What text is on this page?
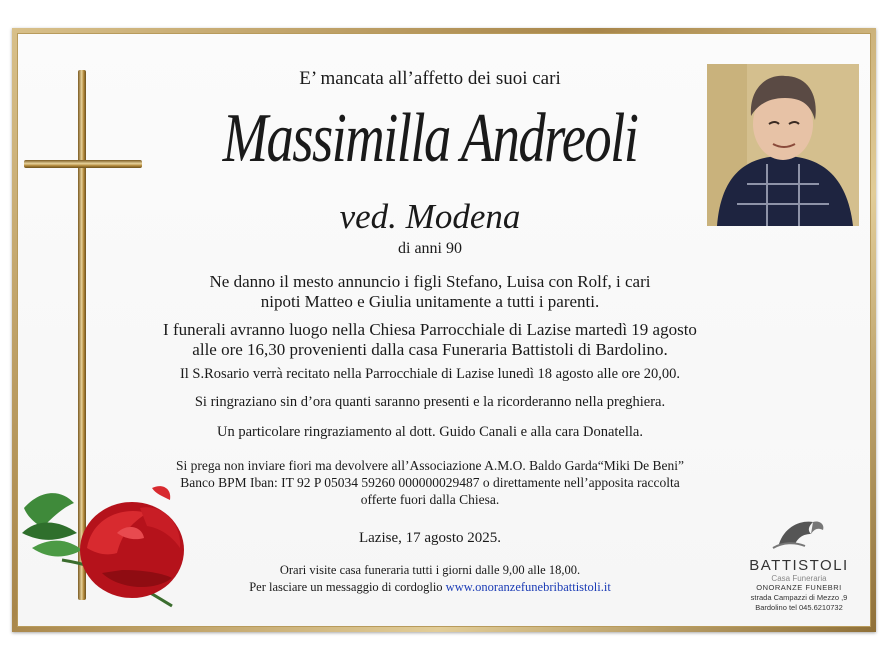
E’ mancata all’affetto dei suoi cari
Massimilla Andreoli
ved. Modena
di anni 90
Ne danno il mesto annuncio i figli Stefano, Luisa con Rolf, i cari
nipoti Matteo e Giulia unitamente a tutti i parenti.
I funerali avranno luogo nella Chiesa Parrocchiale di Lazise martedì 19 agosto
alle ore 16,30 provenienti dalla casa Funeraria Battistoli di Bardolino.
Il S.Rosario verrà recitato nella Parrocchiale di Lazise lunedì 18 agosto alle ore 20,00.
Si ringraziano sin d’ora quanti saranno presenti e la ricorderanno nella preghiera.
Un particolare ringraziamento al dott. Guido Canali e alla cara Donatella.
Si prega non inviare fiori ma devolvere all’Associazione A.M.O. Baldo Garda“Miki De Beni”
Banco BPM Iban: IT 92 P 05034 59260 000000029487 o direttamente nell’apposita raccolta
offerte fuori dalla Chiesa.
Lazise, 17 agosto 2025.
Orari visite casa funeraria tutti i giorni dalle 9,00 alle 18,00.
Per lasciare un messaggio di cordoglio www.onoranzefunebribattistoli.it
BATTISTOLI
Casa Funeraria
ONORANZE FUNEBRI
strada Campazzi di Mezzo ,9
Bardolino tel 045.6210732
